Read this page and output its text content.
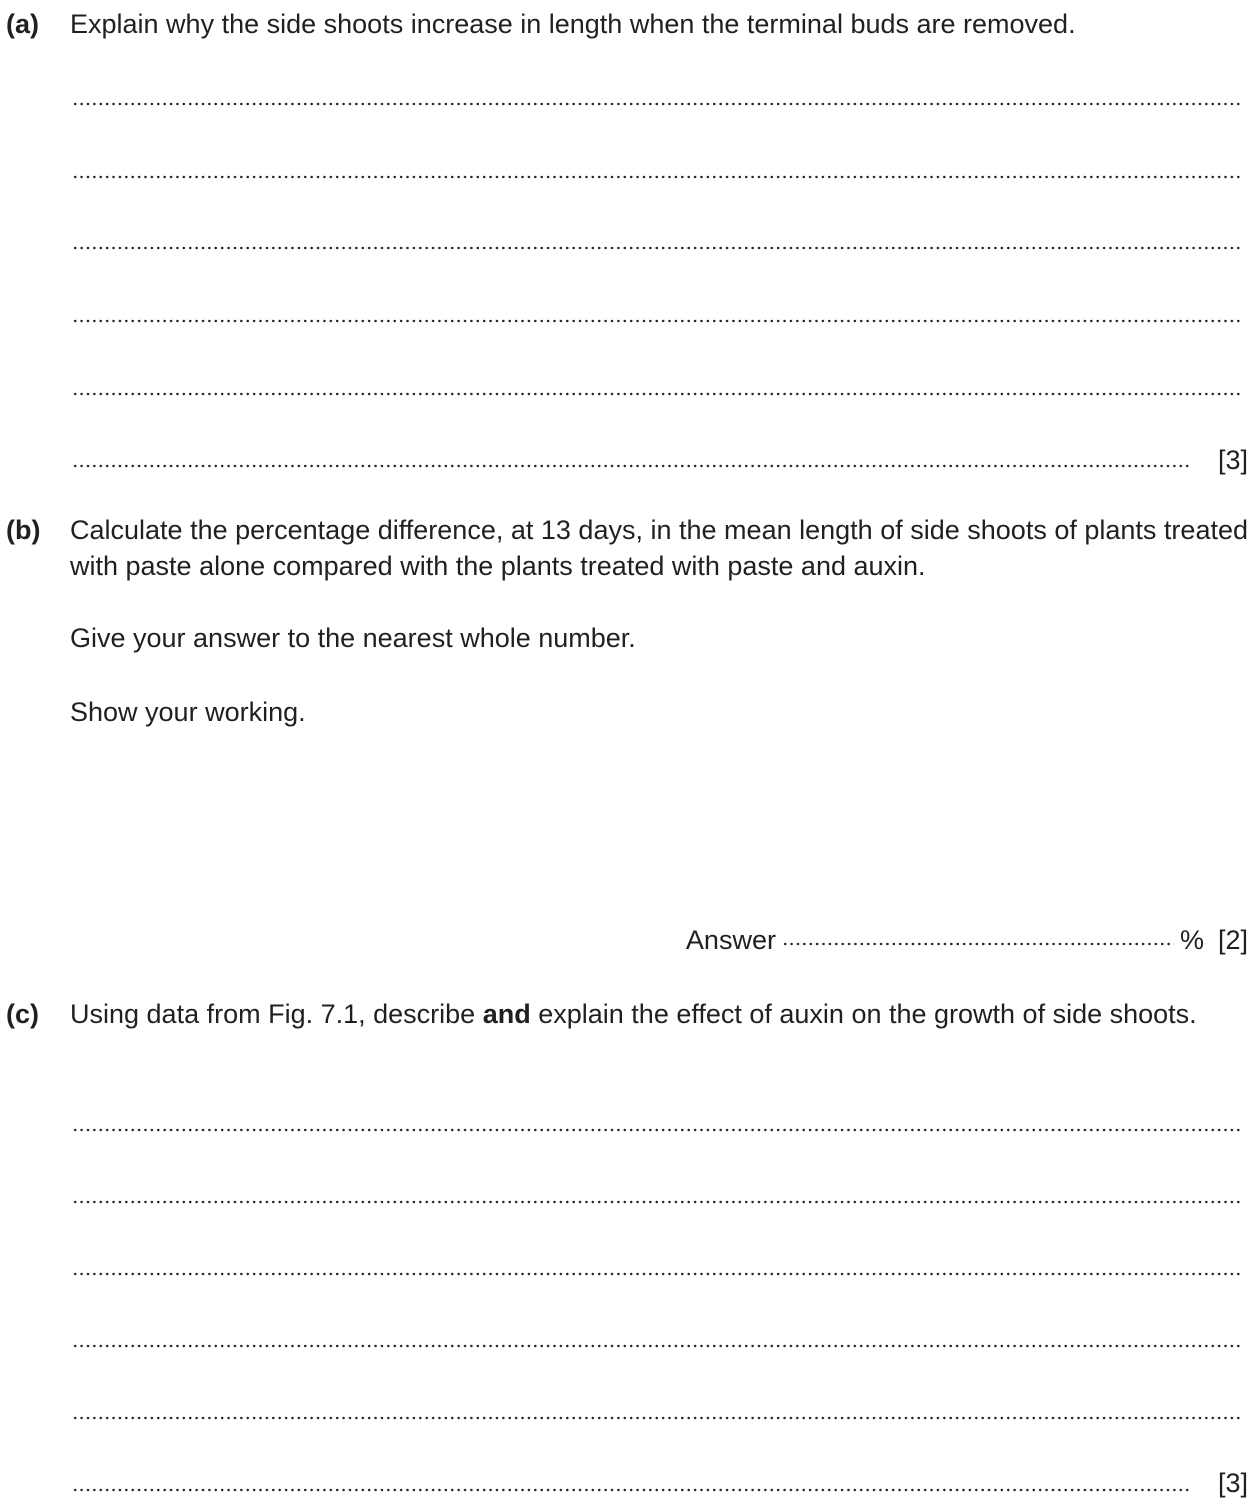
(a) Explain why the side shoots increase in length when the terminal buds are removed.
[3]
(b) Calculate the percentage difference, at 13 days, in the mean length of side shoots of plants treated with paste alone compared with the plants treated with paste and auxin.
Give your answer to the nearest whole number.
Show your working.
Answer	% [2]
(c) Using data from Fig. 7.1, describe and explain the effect of auxin on the growth of side shoots.
[3]
